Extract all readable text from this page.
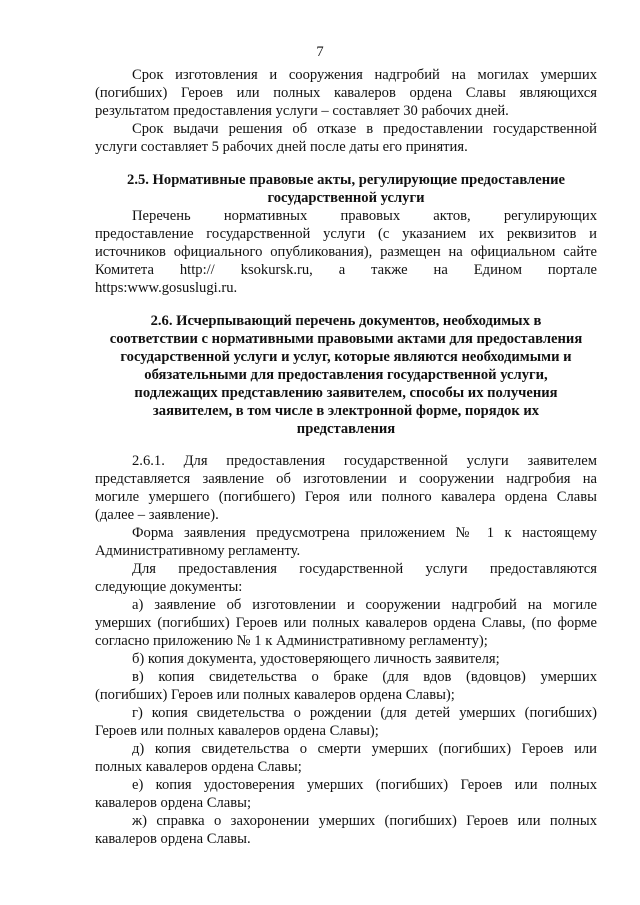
7
Срок изготовления и сооружения надгробий на могилах умерших
(погибших) Героев или полных кавалеров ордена Славы являющихся
результатом предоставления услуги – составляет 30 рабочих дней.
Срок выдачи решения об отказе в предоставлении государственной
услуги составляет 5 рабочих дней после даты его принятия.
2.5. Нормативные правовые акты, регулирующие предоставление
государственной услуги
Перечень нормативных правовых актов, регулирующих
предоставление государственной услуги (с указанием их реквизитов и
источников официального опубликования), размещен на официальном сайте
Комитета http:// ksokursk.ru, а также на Едином портале
https:www.gosuslugi.ru.
2.6. Исчерпывающий перечень документов, необходимых в
соответствии с нормативными правовыми актами для предоставления
государственной услуги и услуг, которые являются необходимыми и
обязательными для предоставления государственной услуги,
подлежащих представлению заявителем, способы их получения
заявителем, в том числе в электронной форме, порядок их
представления
2.6.1. Для предоставления государственной услуги заявителем
представляется заявление об изготовлении и сооружении надгробия на
могиле умершего (погибшего) Героя или полного кавалера ордена Славы
(далее – заявление).
Форма заявления предусмотрена приложением № 1 к настоящему
Административному регламенту.
Для предоставления государственной услуги предоставляются
следующие документы:
а) заявление об изготовлении и сооружении надгробий на могиле
умерших (погибших) Героев или полных кавалеров ордена Славы, (по форме
согласно приложению № 1 к Административному регламенту);
б) копия документа, удостоверяющего личность заявителя;
в) копия свидетельства о браке (для вдов (вдовцов) умерших
(погибших) Героев или полных кавалеров ордена Славы);
г) копия свидетельства о рождении (для детей умерших (погибших)
Героев или полных кавалеров ордена Славы);
д) копия свидетельства о смерти умерших (погибших) Героев или
полных кавалеров ордена Славы;
е) копия удостоверения умерших (погибших) Героев или полных
кавалеров ордена Славы;
ж) справка о захоронении умерших (погибших) Героев или полных
кавалеров ордена Славы.
